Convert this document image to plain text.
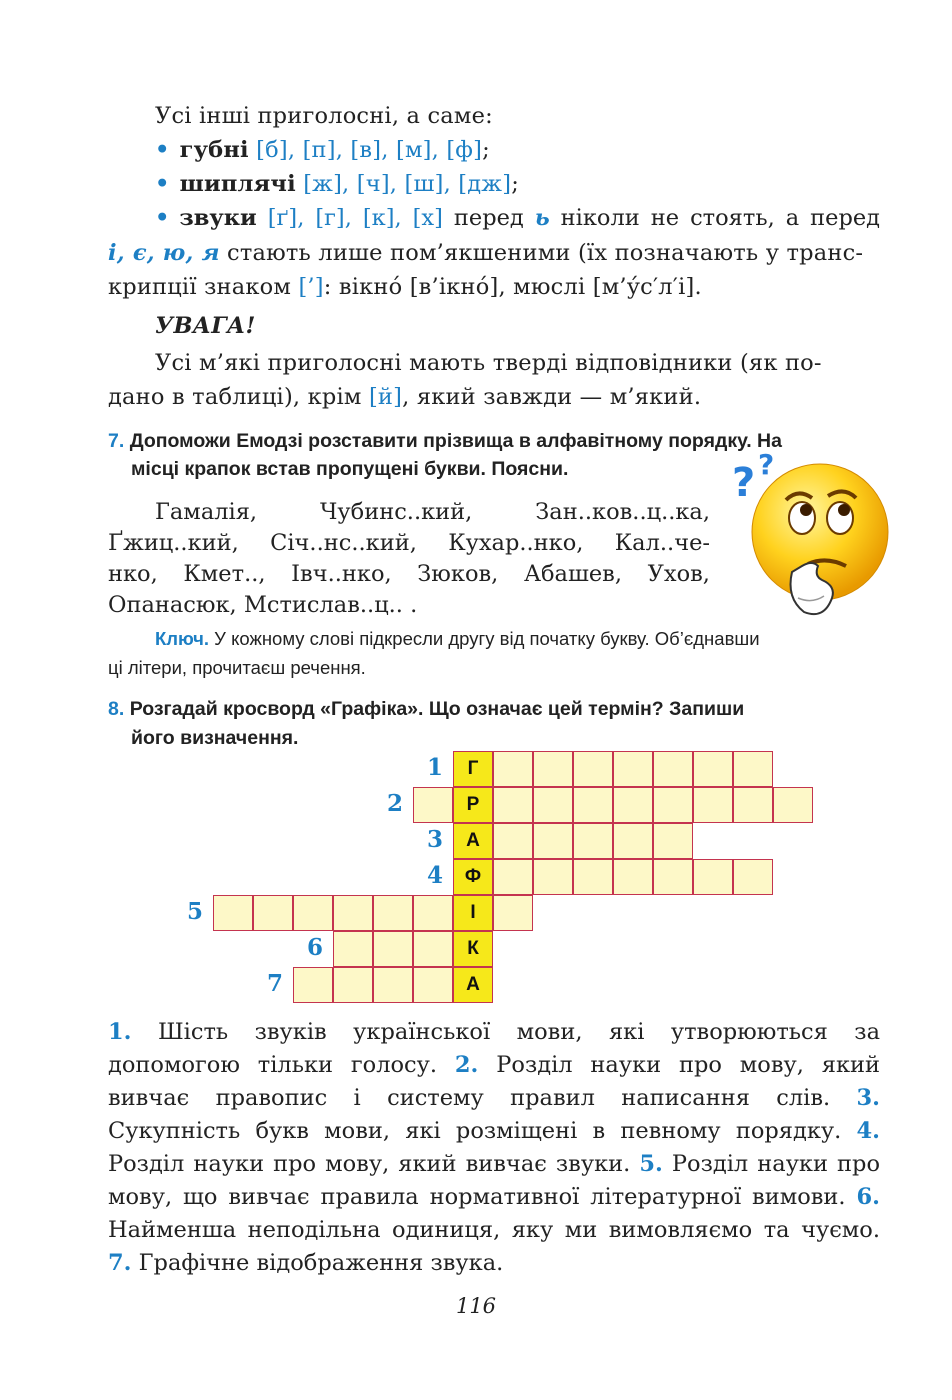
Усі інші приголосні, а саме:
• губні [б], [п], [в], [м], [ф];
• шиплячі [ж], [ч], [ш], [дж];
• звуки [ґ], [г], [к], [х] перед ь ніколи не стоять, а перед
і, є, ю, я стають лише пом’якшеними (їх позначають у транс-
крипції знаком [’]: вікно́ [в’ікно́], мюслі [м’у́с′л′і].
УВАГА!
Усі м’які приголосні мають тверді відповідники (як по-
дано в таблиці), крім [й], який завжди — м’який.
7. Допоможи Емодзі розставити прізвища в алфавітному порядку. На
місці крапок встав пропущені букви. Поясни.
Гамалія,	Чубинс..кий,	Зан..ков..ц..ка,
Ґжиц..кий, Січ..нс..кий, Кухар..нко, Кал..че-
нко, Кмет.., Івч..нко, Зюков, Абашев, Ухов,
Опанасюк, Мстислав..ц.. .
? ?
Ключ. У кожному слові підкресли другу від початку букву. Об’єднавши
ці літери, прочитаєш речення.
8. Розгадай кросворд «Графіка». Що означає цей термін? Запиши
його визначення.
1	Г
2	Р
3	А
4	Ф
5	І
6	К
7	А
1. Шість звуків української мови, які утворюються за допомогою тільки голосу. 2. Розділ науки про мову, який вивчає правопис і систему правил написання слів. 3. Сукупність букв мови, які розміщені в певному порядку. 4. Розділ науки про мову, який вивчає звуки. 5. Розділ науки про мову, що вивчає правила нормативної літературної вимови. 6. Найменша неподільна одиниця, яку ми вимовляємо та чуємо. 7. Графічне відображення звука.
116
